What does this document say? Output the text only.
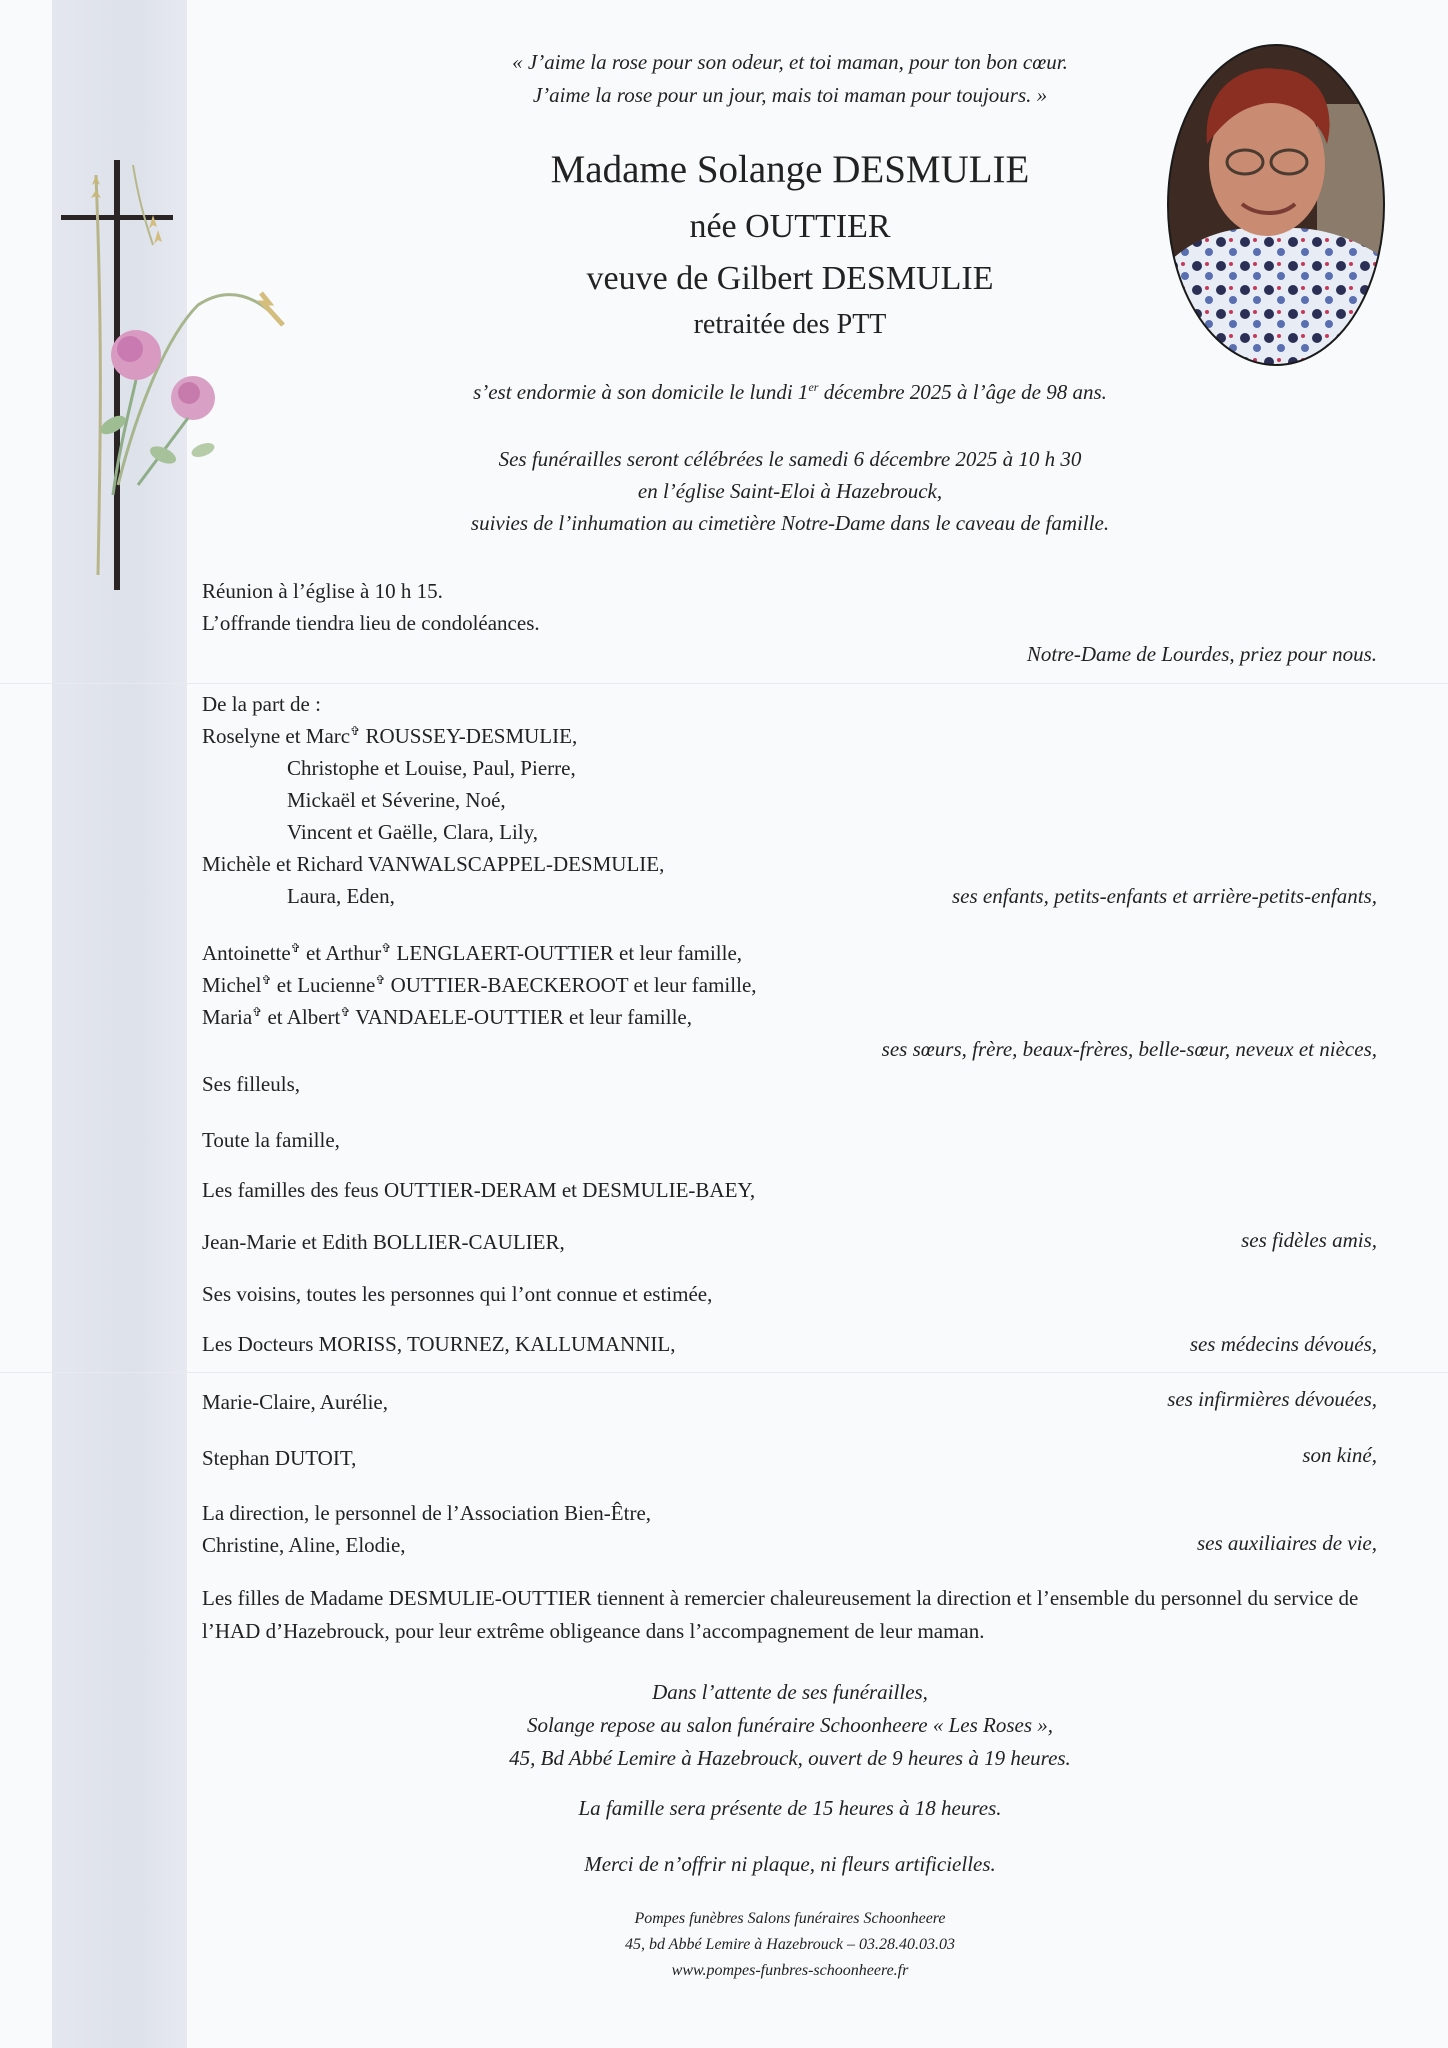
« J’aime la rose pour son odeur, et toi maman, pour ton bon cœur.
J’aime la rose pour un jour, mais toi maman pour toujours. »
Madame Solange DESMULIE
née OUTTIER
veuve de Gilbert DESMULIE
retraitée des PTT
s’est endormie à son domicile le lundi 1er décembre 2025 à l’âge de 98 ans.
Ses funérailles seront célébrées le samedi 6 décembre 2025 à 10 h 30
en l’église Saint-Eloi à Hazebrouck,
suivies de l’inhumation au cimetière Notre-Dame dans le caveau de famille.
Réunion à l’église à 10 h 15.
L’offrande tiendra lieu de condoléances.
Notre-Dame de Lourdes, priez pour nous.
De la part de :
Roselyne et Marc✞ ROUSSEY-DESMULIE,
Christophe et Louise, Paul, Pierre,
Mickaël et Séverine, Noé,
Vincent et Gaëlle, Clara, Lily,
Michèle et Richard VANWALSCAPPEL-DESMULIE,
Laura, Eden,	ses enfants, petits-enfants et arrière-petits-enfants,
Antoinette✞ et Arthur✞ LENGLAERT-OUTTIER et leur famille,
Michel✞ et Lucienne✞ OUTTIER-BAECKEROOT et leur famille,
Maria✞ et Albert✞ VANDAELE-OUTTIER et leur famille,
ses sœurs, frère, beaux-frères, belle-sœur, neveux et nièces,
Ses filleuls,
Toute la famille,
Les familles des feus OUTTIER-DERAM et DESMULIE-BAEY,
Jean-Marie et Edith BOLLIER-CAULIER,	ses fidèles amis,
Ses voisins, toutes les personnes qui l’ont connue et estimée,
Les Docteurs MORISS, TOURNEZ, KALLUMANNIL,	ses médecins dévoués,
Marie-Claire, Aurélie,	ses infirmières dévouées,
Stephan DUTOIT,	son kiné,
La direction, le personnel de l’Association Bien-Être,
Christine, Aline, Elodie,	ses auxiliaires de vie,
Les filles de Madame DESMULIE-OUTTIER tiennent à remercier chaleureusement la direction et l’ensemble du personnel du service de l’HAD d’Hazebrouck, pour leur extrême obligeance dans l’accompagnement de leur maman.
Dans l’attente de ses funérailles,
Solange repose au salon funéraire Schoonheere « Les Roses »,
45, Bd Abbé Lemire à Hazebrouck, ouvert de 9 heures à 19 heures.
La famille sera présente de 15 heures à 18 heures.
Merci de n’offrir ni plaque, ni fleurs artificielles.
Pompes funèbres Salons funéraires Schoonheere
45, bd Abbé Lemire à Hazebrouck – 03.28.40.03.03
www.pompes-funbres-schoonheere.fr
